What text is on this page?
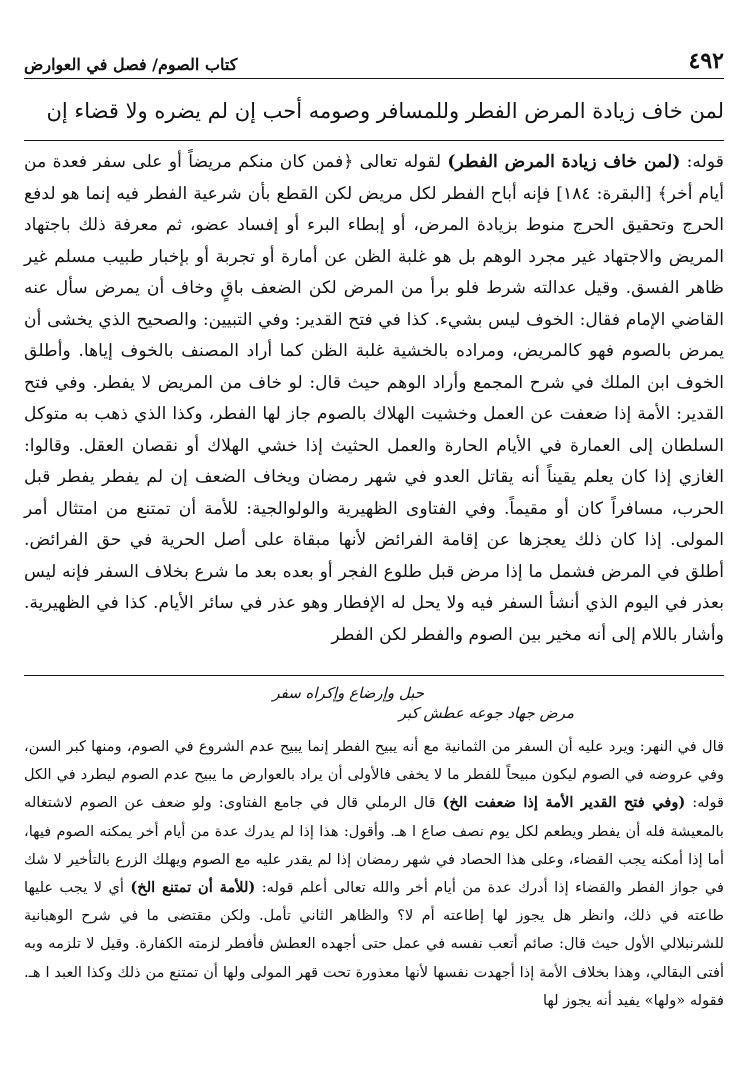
٤٩٢
كتاب الصوم/ فصل في العوارض
لمن خاف زيادة المرض الفطر وللمسافر وصومه أحب إن لم يضره ولا قضاء إن

قوله: (لمن خاف زيادة المرض الفطر) لقوله تعالى ﴿فمن كان منكم مريضاً أو على سفر فعدة من أيام أخر﴾ [البقرة: ١٨٤] فإنه أباح الفطر لكل مريض لكن القطع بأن شرعية الفطر فيه إنما هو لدفع الحرج وتحقيق الحرج منوط بزيادة المرض، أو إبطاء البرء أو إفساد عضو، ثم معرفة ذلك باجتهاد المريض والاجتهاد غير مجرد الوهم بل هو غلبة الظن عن أمارة أو تجربة أو بإخبار طبيب مسلم غير ظاهر الفسق. وقيل عدالته شرط فلو برأ من المرض لكن الضعف باقٍ وخاف أن يمرض سأل عنه القاضي الإمام فقال: الخوف ليس بشيء. كذا في فتح القدير: وفي التبيين: والصحيح الذي يخشى أن يمرض بالصوم فهو كالمريض، ومراده بالخشية غلبة الظن كما أراد المصنف بالخوف إياها. وأطلق الخوف ابن الملك في شرح المجمع وأراد الوهم حيث قال: لو خاف من المريض لا يفطر. وفي فتح القدير: الأمة إذا ضعفت عن العمل وخشيت الهلاك بالصوم جاز لها الفطر، وكذا الذي ذهب به متوكل السلطان إلى العمارة في الأيام الحارة والعمل الحثيث إذا خشي الهلاك أو نقصان العقل. وقالوا: الغازي إذا كان يعلم يقيناً أنه يقاتل العدو في شهر رمضان ويخاف الضعف إن لم يفطر يفطر قبل الحرب، مسافراً كان أو مقيماً. وفي الفتاوى الظهيرية والولوالجية: للأمة أن تمتنع من امتثال أمر المولى. إذا كان ذلك يعجزها عن إقامة الفرائض لأنها مبقاة على أصل الحرية في حق الفرائض. أطلق في المرض فشمل ما إذا مرض قبل طلوع الفجر أو بعده بعد ما شرع بخلاف السفر فإنه ليس بعذر في اليوم الذي أنشأ السفر فيه ولا يحل له الإفطار وهو عذر في سائر الأيام. كذا في الظهيرية. وأشار باللام إلى أنه مخير بين الصوم والفطر لكن الفطر

حبل وإرضاع وإكراه سفر
مرض جهاد جوعه عطش كبر

قال في النهر: ويرد عليه أن السفر من الثمانية مع أنه يبيح الفطر إنما يبيح عدم الشروع في الصوم، ومنها كبر السن، وفي عروضه في الصوم ليكون مبيحاً للفطر ما لا يخفى فالأولى أن يراد بالعوارض ما يبيح عدم الصوم ليطرد في الكل قوله: (وفي فتح القدير الأمة إذا ضعفت الخ) قال الرملي قال في جامع الفتاوى: ولو ضعف عن الصوم لاشتغاله بالمعيشة فله أن يفطر ويطعم لكل يوم نصف صاع ا هـ. وأقول: هذا إذا لم يدرك عدة من أيام أخر يمكنه الصوم فيها، أما إذا أمكنه يجب القضاء، وعلى هذا الحصاد في شهر رمضان إذا لم يقدر عليه مع الصوم ويهلك الزرع بالتأخير لا شك في جواز الفطر والقضاء إذا أدرك عدة من أيام أخر والله تعالى أعلم قوله: (للأمة أن تمتنع الخ) أي لا يجب عليها طاعته في ذلك، وانظر هل يجوز لها إطاعته أم لا؟ والظاهر الثاني تأمل. ولكن مقتضى ما في شرح الوهبانية للشرنبلالي الأول حيث قال: صائم أتعب نفسه في عمل حتى أجهده العطش فأفطر لزمته الكفارة. وقيل لا تلزمه وبه أفتى البقالي، وهذا بخلاف الأمة إذا أجهدت نفسها لأنها معذورة تحت قهر المولى ولها أن تمتنع من ذلك وكذا العبد ا هـ. فقوله «ولها» يفيد أنه يجوز لها
